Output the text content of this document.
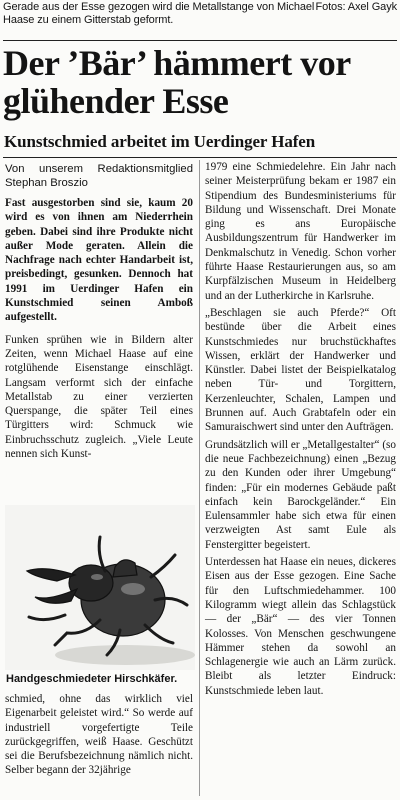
Fotos: Axel Gayk
Gerade aus der Esse gezogen wird die Metallstange von Michael Haase zu einem Gitterstab geformt.
Der ’Bär’ hämmert vor glühender Esse
Kunstschmied arbeitet im Uerdinger Hafen

Von unserem Redaktionsmitglied Stephan Broszio

Fast ausgestorben sind sie, kaum 20 wird es von ihnen am Niederrhein geben. Dabei sind ihre Produkte nicht außer Mode geraten. Allein die Nachfrage nach echter Handarbeit ist, preisbedingt, gesunken. Dennoch hat 1991 im Uerdinger Hafen ein Kunstschmied seinen Amboß aufgestellt.

Funken sprühen wie in Bildern alter Zeiten, wenn Michael Haase auf eine rotglühende Eisenstange einschlägt. Langsam verformt sich der einfache Metallstab zu einer verzierten Querspange, die später Teil eines Türgitters wird: Schmuck wie Einbruchsschutz zugleich. „Viele Leute nennen sich Kunst-

Handgeschmiedeter Hirschkäfer.

schmied, ohne das wirklich viel Eigenarbeit geleistet wird.“ So werde auf industriell vorgefertigte Teile zurückgegriffen, weiß Haase. Geschützt sei die Berufsbezeichnung nämlich nicht. Selber begann der 32jährige

1979 eine Schmiedelehre. Ein Jahr nach seiner Meisterprüfung bekam er 1987 ein Stipendium des Bundesministeriums für Bildung und Wissenschaft. Drei Monate ging es ans Europäische Ausbildungszentrum für Handwerker im Denkmalschutz in Venedig. Schon vorher führte Haase Restaurierungen aus, so am Kurpfälzischen Museum in Heidelberg und an der Lutherkirche in Karlsruhe.

„Beschlagen sie auch Pferde?“ Oft bestünde über die Arbeit eines Kunstschmiedes nur bruchstückhaftes Wissen, erklärt der Handwerker und Künstler. Dabei listet der Beispielkatalog neben Tür- und Torgittern, Kerzenleuchter, Schalen, Lampen und Brunnen auf. Auch Grabtafeln oder ein Samuraischwert sind unter den Aufträgen.

Grundsätzlich will er „Metallgestalter“ (so die neue Fachbezeichnung) einen „Bezug zu den Kunden oder ihrer Umgebung“ finden: „Für ein modernes Gebäude paßt einfach kein Barockgeländer.“ Ein Eulensammler habe sich etwa für einen verzweigten Ast samt Eule als Fenstergitter begeistert.

Unterdessen hat Haase ein neues, dickeres Eisen aus der Esse gezogen. Eine Sache für den Luftschmiedehammer. 100 Kilogramm wiegt allein das Schlagstück — der „Bär“ — des vier Tonnen Kolosses. Von Menschen geschwungene Hämmer stehen da sowohl an Schlagenergie wie auch an Lärm zurück. Bleibt als letzter Eindruck: Kunstschmiede leben laut.
